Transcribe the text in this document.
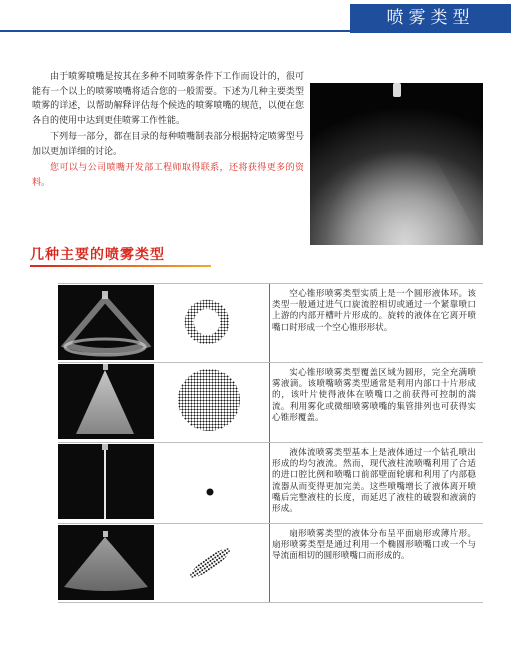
喷雾类型

由于喷雾喷嘴是按其在多种不同喷雾条件下工作而设计的，很可能有一个以上的喷雾喷嘴将适合您的一般需要。下述为几种主要类型喷雾的详述，以帮助解释评估每个候选的喷雾喷嘴的规范，以便在您各自的使用中达到更佳喷雾工作性能。

下列每一部分，都在目录的每种喷嘴制表部分根据特定喷雾型号加以更加详细的讨论。

您可以与公司喷嘴开发部工程师取得联系，还将获得更多的资料。

几种主要的喷雾类型
空心锥形喷雾类型实质上是一个圆形液体环。该类型一般通过进气口旋流腔相切或通过一个紧靠喷口上游的内部开槽叶片形成的。旋转的液体在它离开喷嘴口时形成一个空心锥形形状。
实心锥形喷雾类型覆盖区域为圆形，完全充满喷雾液滴。该喷嘴喷雾类型通常是利用内部口十片形成的，该叶片使得液体在喷嘴口之前获得可控制的湍流。利用雾化或微细喷雾喷嘴的集管排列也可获得实心锥形覆盖。
液体流喷雾类型基本上是液体通过一个钻孔喷出形成的均匀液流。然而，现代液柱流喷嘴利用了合适的进口腔比例和喷嘴口前部壁面轮廓和利用了内部稳流器从而变得更加完美。这些喷嘴增长了液体离开喷嘴后完整液柱的长度，而延迟了液柱的破裂和液滴的形成。
扇形喷雾类型的液体分布呈平面扇形或薄片形。扇形喷雾类型是通过利用一个椭圆形喷嘴口或一个与导流面相切的圆形喷嘴口而形成的。
